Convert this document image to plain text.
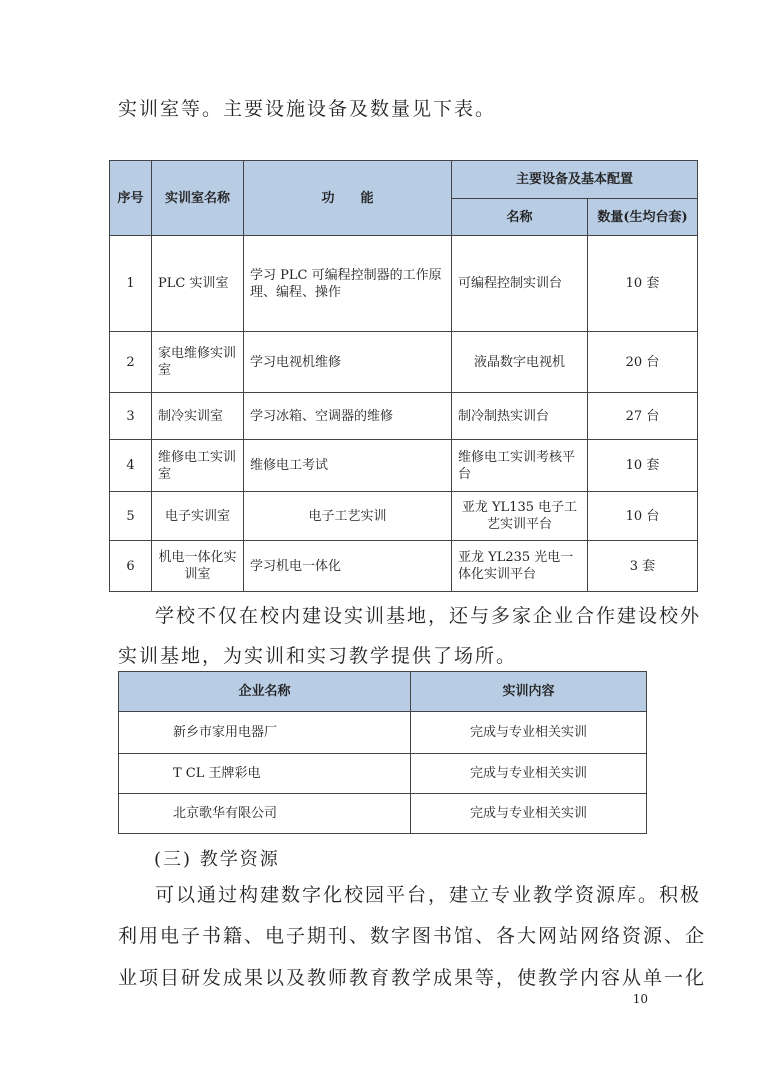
实训室等。主要设施设备及数量见下表。
序号	实训室名称	功　　能	主要设备及基本配置	
			名称	数量(生均台套)
1	PLC 实训室	学习 PLC 可编程控制器的工作原理、编程、操作	可编程控制实训台	10 套
2	家电维修实训室	学习电视机维修	液晶数字电视机	20 台
3	制冷实训室	学习冰箱、空调器的维修	制冷制热实训台	27 台
4	维修电工实训室	维修电工考试	维修电工实训考核平台	10 套
5	电子实训室	电子工艺实训	亚龙 YL135 电子工艺实训平台	10 台
6	机电一体化实训室	学习机电一体化	亚龙 YL235 光电一体化实训平台	3 套
学校不仅在校内建设实训基地，还与多家企业合作建设校外
实训基地，为实训和实习教学提供了场所。
企业名称	实训内容
新乡市家用电器厂	完成与专业相关实训
T CL 王牌彩电	完成与专业相关实训
北京歌华有限公司	完成与专业相关实训
(三) 教学资源
可以通过构建数字化校园平台，建立专业教学资源库。积极
利用电子书籍、电子期刊、数字图书馆、各大网站网络资源、企
业项目研发成果以及教师教育教学成果等，使教学内容从单一化
10
